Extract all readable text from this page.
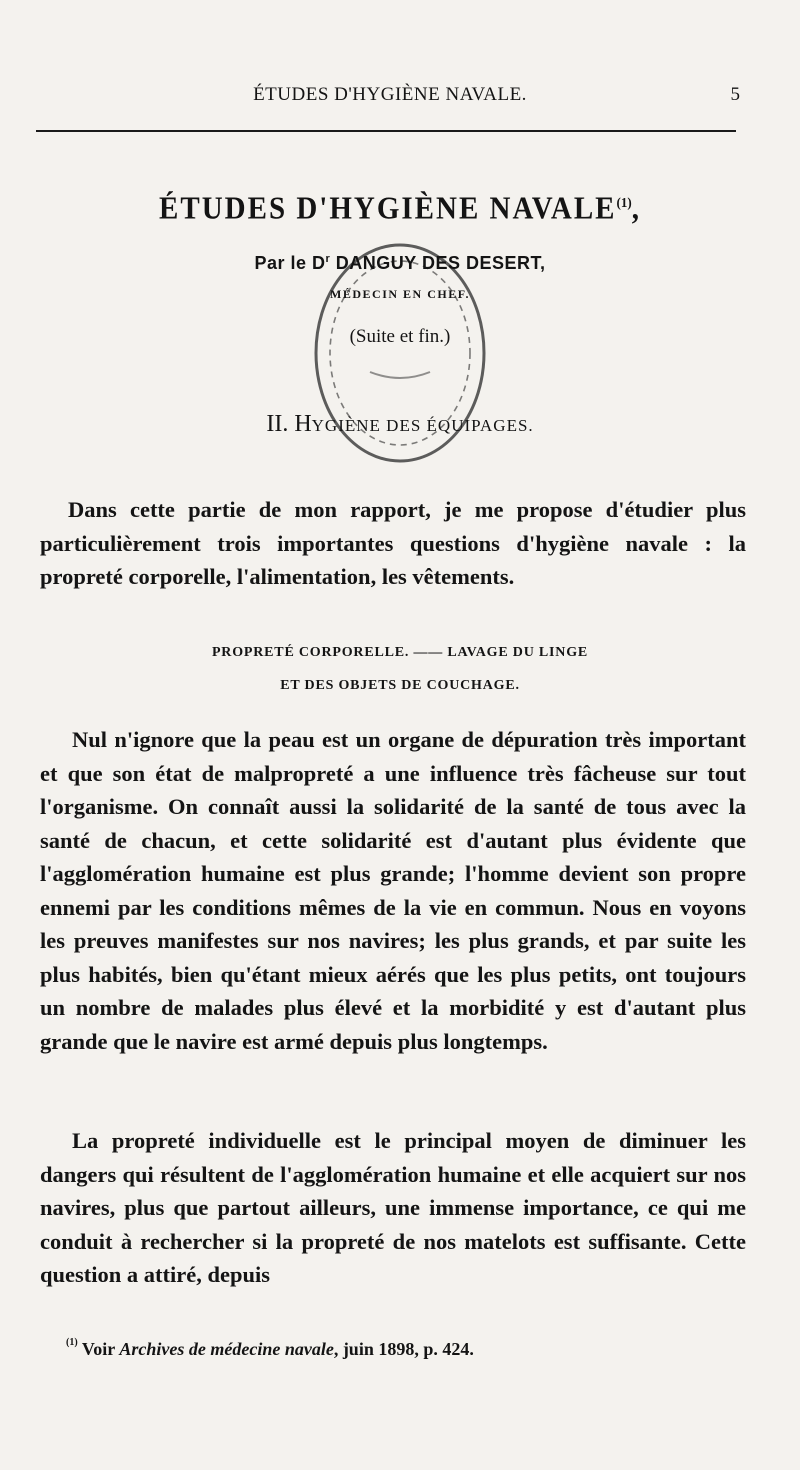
ÉTUDES D'HYGIÈNE NAVALE.	5
ÉTUDES D'HYGIÈNE NAVALE$^{(1)}$,
Par le $D^r$ DANGUY DES DESERT,
MÉDECIN EN CHEF.
(Suite et fin.)
II. HYGIÈNE DES ÉQUIPAGES.

Dans cette partie de mon rapport, je me propose d'étudier plus particulièrement trois importantes questions d'hygiène navale : la propreté corporelle, l'alimentation, les vêtements.

PROPRETÉ CORPORELLE. —— LAVAGE DU LINGE
ET DES OBJETS DE COUCHAGE.

Nul n'ignore que la peau est un organe de dépuration très important et que son état de malpropreté a une influence très fâcheuse sur tout l'organisme. On connaît aussi la solidarité de la santé de tous avec la santé de chacun, et cette solidarité est d'autant plus évidente que l'agglomération humaine est plus grande; l'homme devient son propre ennemi par les conditions mêmes de la vie en commun. Nous en voyons les preuves manifestes sur nos navires; les plus grands, et par suite les plus habités, bien qu'étant mieux aérés que les plus petits, ont toujours un nombre de malades plus élevé et la morbidité y est d'autant plus grande que le navire est armé depuis plus longtemps.

La propreté individuelle est le principal moyen de diminuer les dangers qui résultent de l'agglomération humaine et elle acquiert sur nos navires, plus que partout ailleurs, une immense importance, ce qui me conduit à rechercher si la propreté de nos matelots est suffisante. Cette question a attiré, depuis

$^{(1)}$ Voir Archives de médecine navale, juin 1898, p. 424.
